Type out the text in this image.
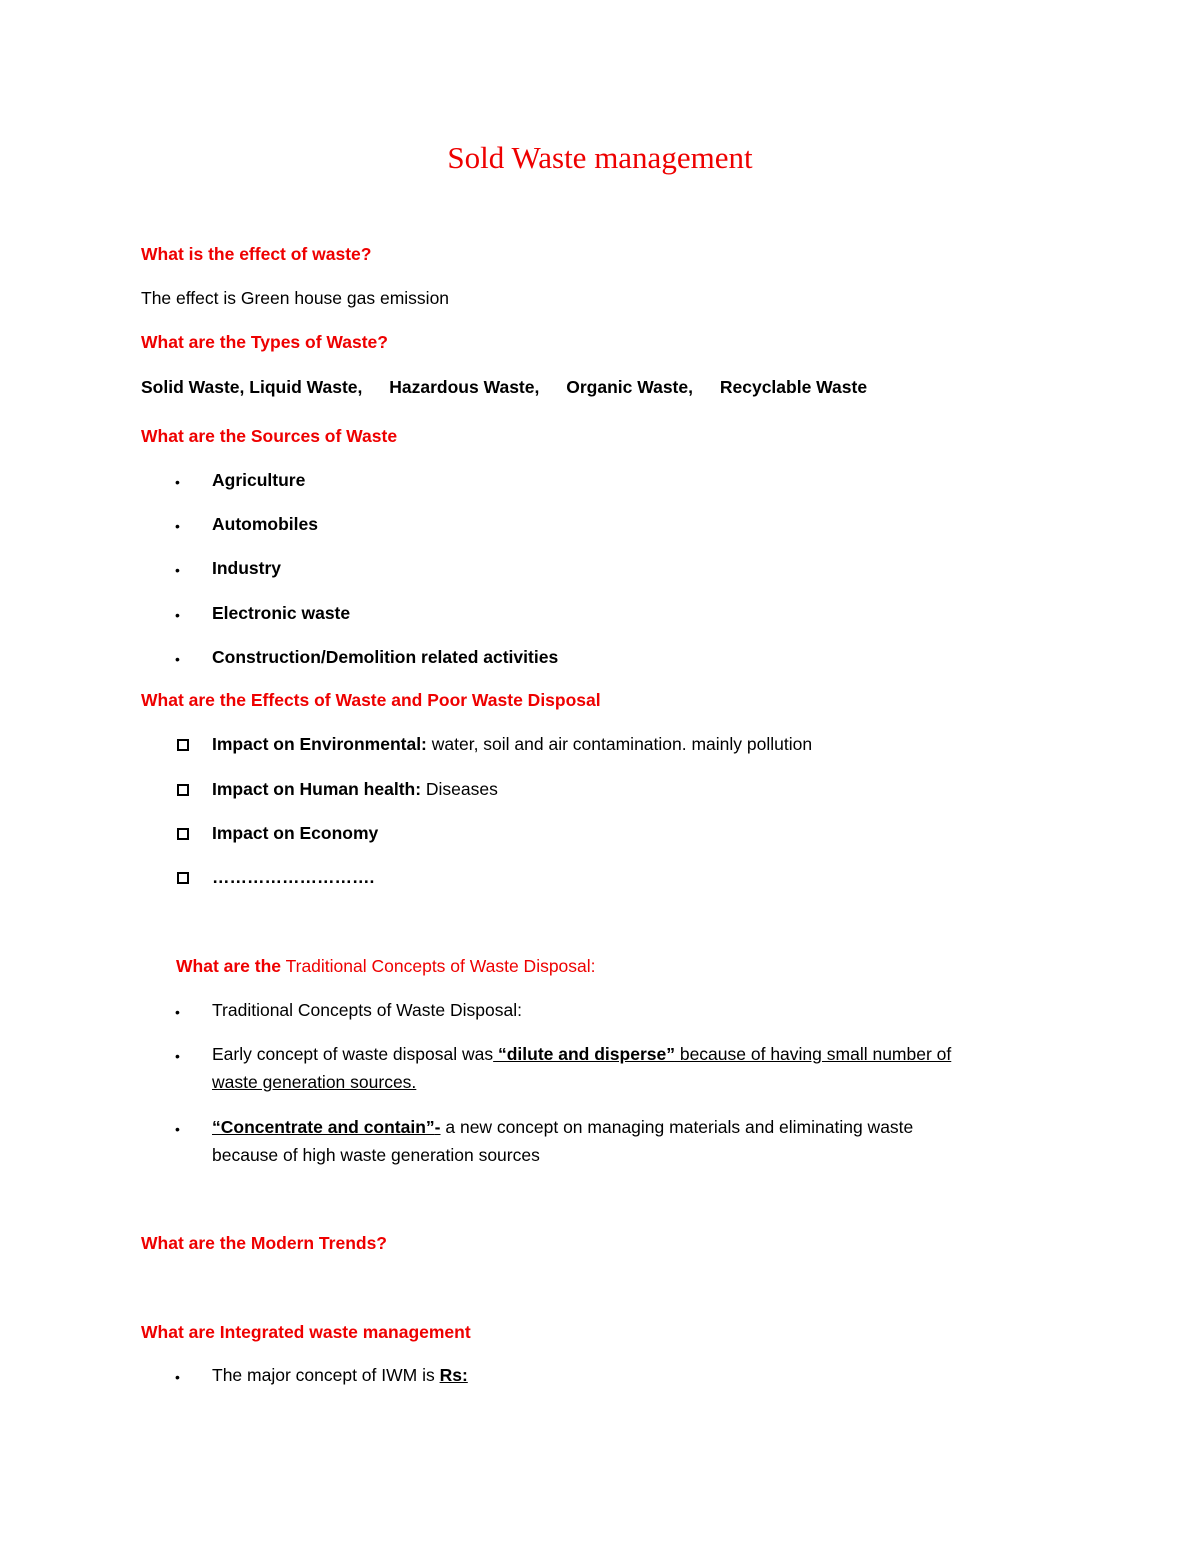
Sold Waste management
What is the effect of waste?
The effect is Green house gas emission
What are the Types of Waste?
Solid Waste, Liquid Waste, Hazardous Waste, Organic Waste, Recyclable Waste
What are the Sources of Waste
• Agriculture
• Automobiles
• Industry
• Electronic waste
• Construction/Demolition related activities
What are the Effects of Waste and Poor Waste Disposal
Impact on Environmental: water, soil and air contamination. mainly pollution
Impact on Human health: Diseases
Impact on Economy
……………………….
What are the Traditional Concepts of Waste Disposal:
• Traditional Concepts of Waste Disposal:
• Early concept of waste disposal was “dilute and disperse” because of having small number of
waste generation sources.
• “Concentrate and contain”- a new concept on managing materials and eliminating waste
because of high waste generation sources
What are the Modern Trends?
What are Integrated waste management
• The major concept of IWM is Rs:
